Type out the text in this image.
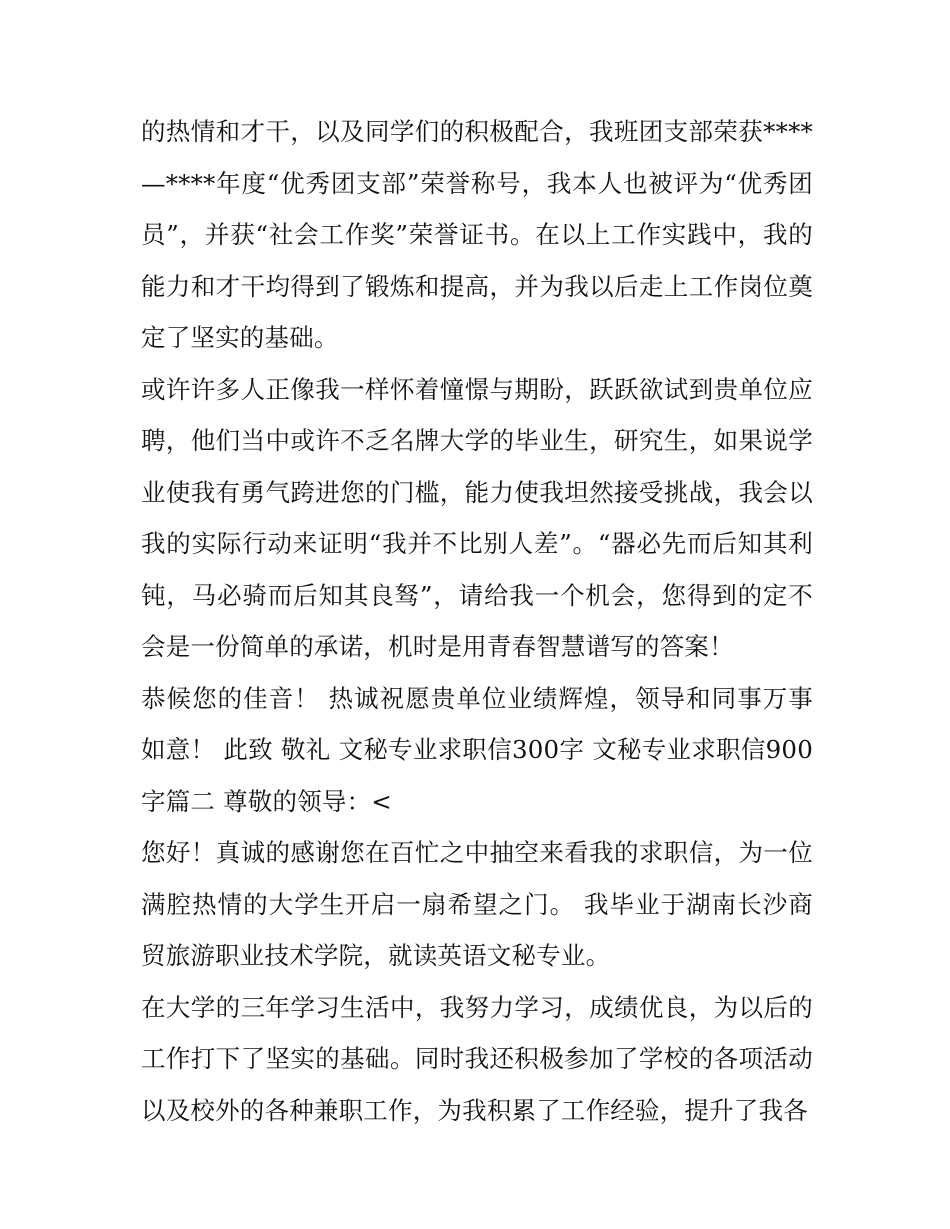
的热情和才干，以及同学们的积极配合，我班团支部荣获****—****年度“优秀团支部”荣誉称号，我本人也被评为“优秀团员”，并获“社会工作奖”荣誉证书。在以上工作实践中，我的能力和才干均得到了锻炼和提高，并为我以后走上工作岗位奠定了坚实的基础。

或许许多人正像我一样怀着憧憬与期盼，跃跃欲试到贵单位应聘，他们当中或许不乏名牌大学的毕业生，研究生，如果说学业使我有勇气跨进您的门槛，能力使我坦然接受挑战，我会以我的实际行动来证明“我并不比别人差”。“器必先而后知其利钝，马必骑而后知其良驽”，请给我一个机会，您得到的定不会是一份简单的承诺，机时是用青春智慧谱写的答案！

恭候您的佳音！ 热诚祝愿贵单位业绩辉煌，领导和同事万事如意！ 此致 敬礼 文秘专业求职信300字 文秘专业求职信900字篇二 尊敬的领导：<

您好！真诚的感谢您在百忙之中抽空来看我的求职信，为一位满腔热情的大学生开启一扇希望之门。 我毕业于湖南长沙商贸旅游职业技术学院，就读英语文秘专业。

在大学的三年学习生活中，我努力学习，成绩优良，为以后的工作打下了坚实的基础。同时我还积极参加了学校的各项活动以及校外的各种兼职工作，为我积累了工作经验，提升了我各
